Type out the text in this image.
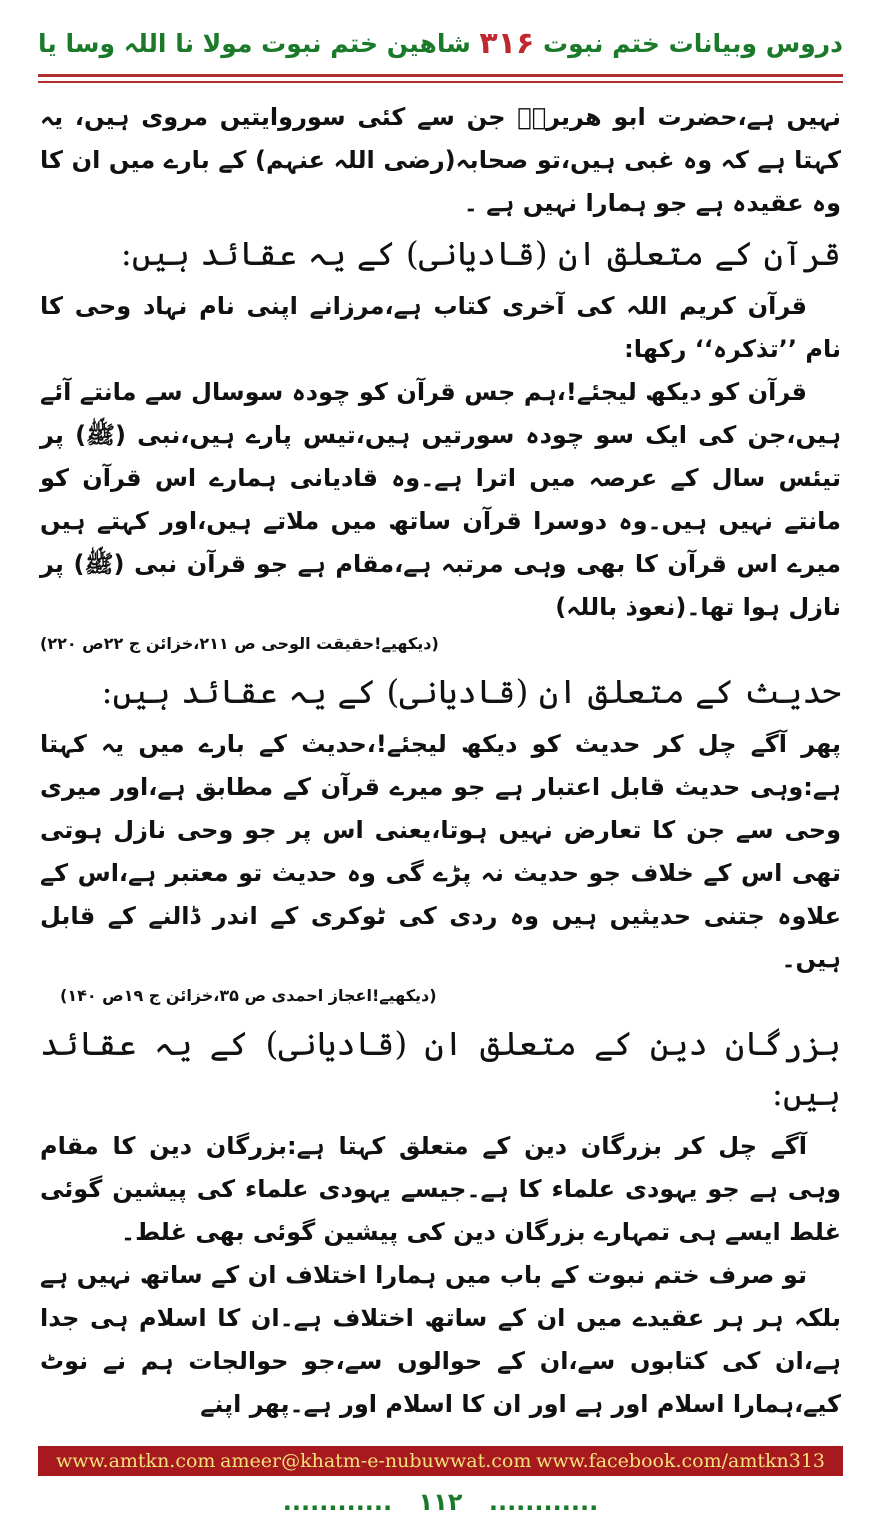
شاھین ختم نبوت مولا نا اللہ وسا یا ۳۱۶ دروس وبیانات ختم نبوت

نہیں ہے،حضرت ابو ھریرہؓ جن سے کئی سوروایتیں مروی ہیں، یہ کہتا ہے کہ وہ غبی ہیں،تو صحابہ(رضی اللہ عنہم) کے بارے میں ان کا وہ عقیدہ ہے جو ہمارا نہیں ہے ۔

قرآن کے متعلق ان (قادیانی) کے یہ عقائد ہیں:

قرآن کریم اللہ کی آخری کتاب ہے،مرزانے اپنی نام نہاد وحی کا نام ’’تذکرہ‘‘ رکھا:

قرآن کو دیکھ لیجئے!،ہم جس قرآن کو چودہ سوسال سے مانتے آئے ہیں،جن کی ایک سو چودہ سورتیں ہیں،تیس پارے ہیں،نبی (ﷺ) پر تیئس سال کے عرصہ میں اترا ہے۔وہ قادیانی ہمارے اس قرآن کو مانتے نہیں ہیں۔وہ دوسرا قرآن ساتھ میں ملاتے ہیں،اور کہتے ہیں میرے اس قرآن کا بھی وہی مرتبہ ہے،مقام ہے جو قرآن نبی (ﷺ) پر نازل ہوا تھا۔(نعوذ باللہ)

(دیکھیے!حقیقت الوحی ص ۲۱۱،خزائن ج ۲۲ص ۲۲۰)

حدیث کے متعلق ان (قادیانی) کے یہ عقائد ہیں:

پھر آگے چل کر حدیث کو دیکھ لیجئے!،حدیث کے بارے میں یہ کہتا ہے:وہی حدیث قابل اعتبار ہے جو میرے قرآن کے مطابق ہے،اور میری وحی سے جن کا تعارض نہیں ہوتا،یعنی اس پر جو وحی نازل ہوتی تھی اس کے خلاف جو حدیث نہ پڑے گی وہ حدیث تو معتبر ہے،اس کے علاوہ جتنی حدیثیں ہیں وہ ردی کی ٹوکری کے اندر ڈالنے کے قابل ہیں۔

(دیکھیے!اعجاز احمدی ص ۳۵،خزائن ج ۱۹ص ۱۴۰)

بزرگان دین کے متعلق ان (قادیانی) کے یہ عقائد ہیں:

آگے چل کر بزرگان دین کے متعلق کہتا ہے:بزرگان دین کا مقام وہی ہے جو یہودی علماء کا ہے۔جیسے یہودی علماء کی پیشین گوئی غلط ایسے ہی تمہارے بزرگان دین کی پیشین گوئی بھی غلط۔

تو صرف ختم نبوت کے باب میں ہمارا اختلاف ان کے ساتھ نہیں ہے بلکہ ہر ہر عقیدے میں ان کے ساتھ اختلاف ہے۔ان کا اسلام ہی جدا ہے،ان کی کتابوں سے،ان کے حوالوں سے،جو حوالجات ہم نے نوٹ کیے،ہمارا اسلام اور ہے اور ان کا اسلام اور ہے۔پھر اپنے

www.amtkn.com ameer@khatm-e-nubuwwat.com www.facebook.com/amtkn313
............ ۱۱۲ ............
